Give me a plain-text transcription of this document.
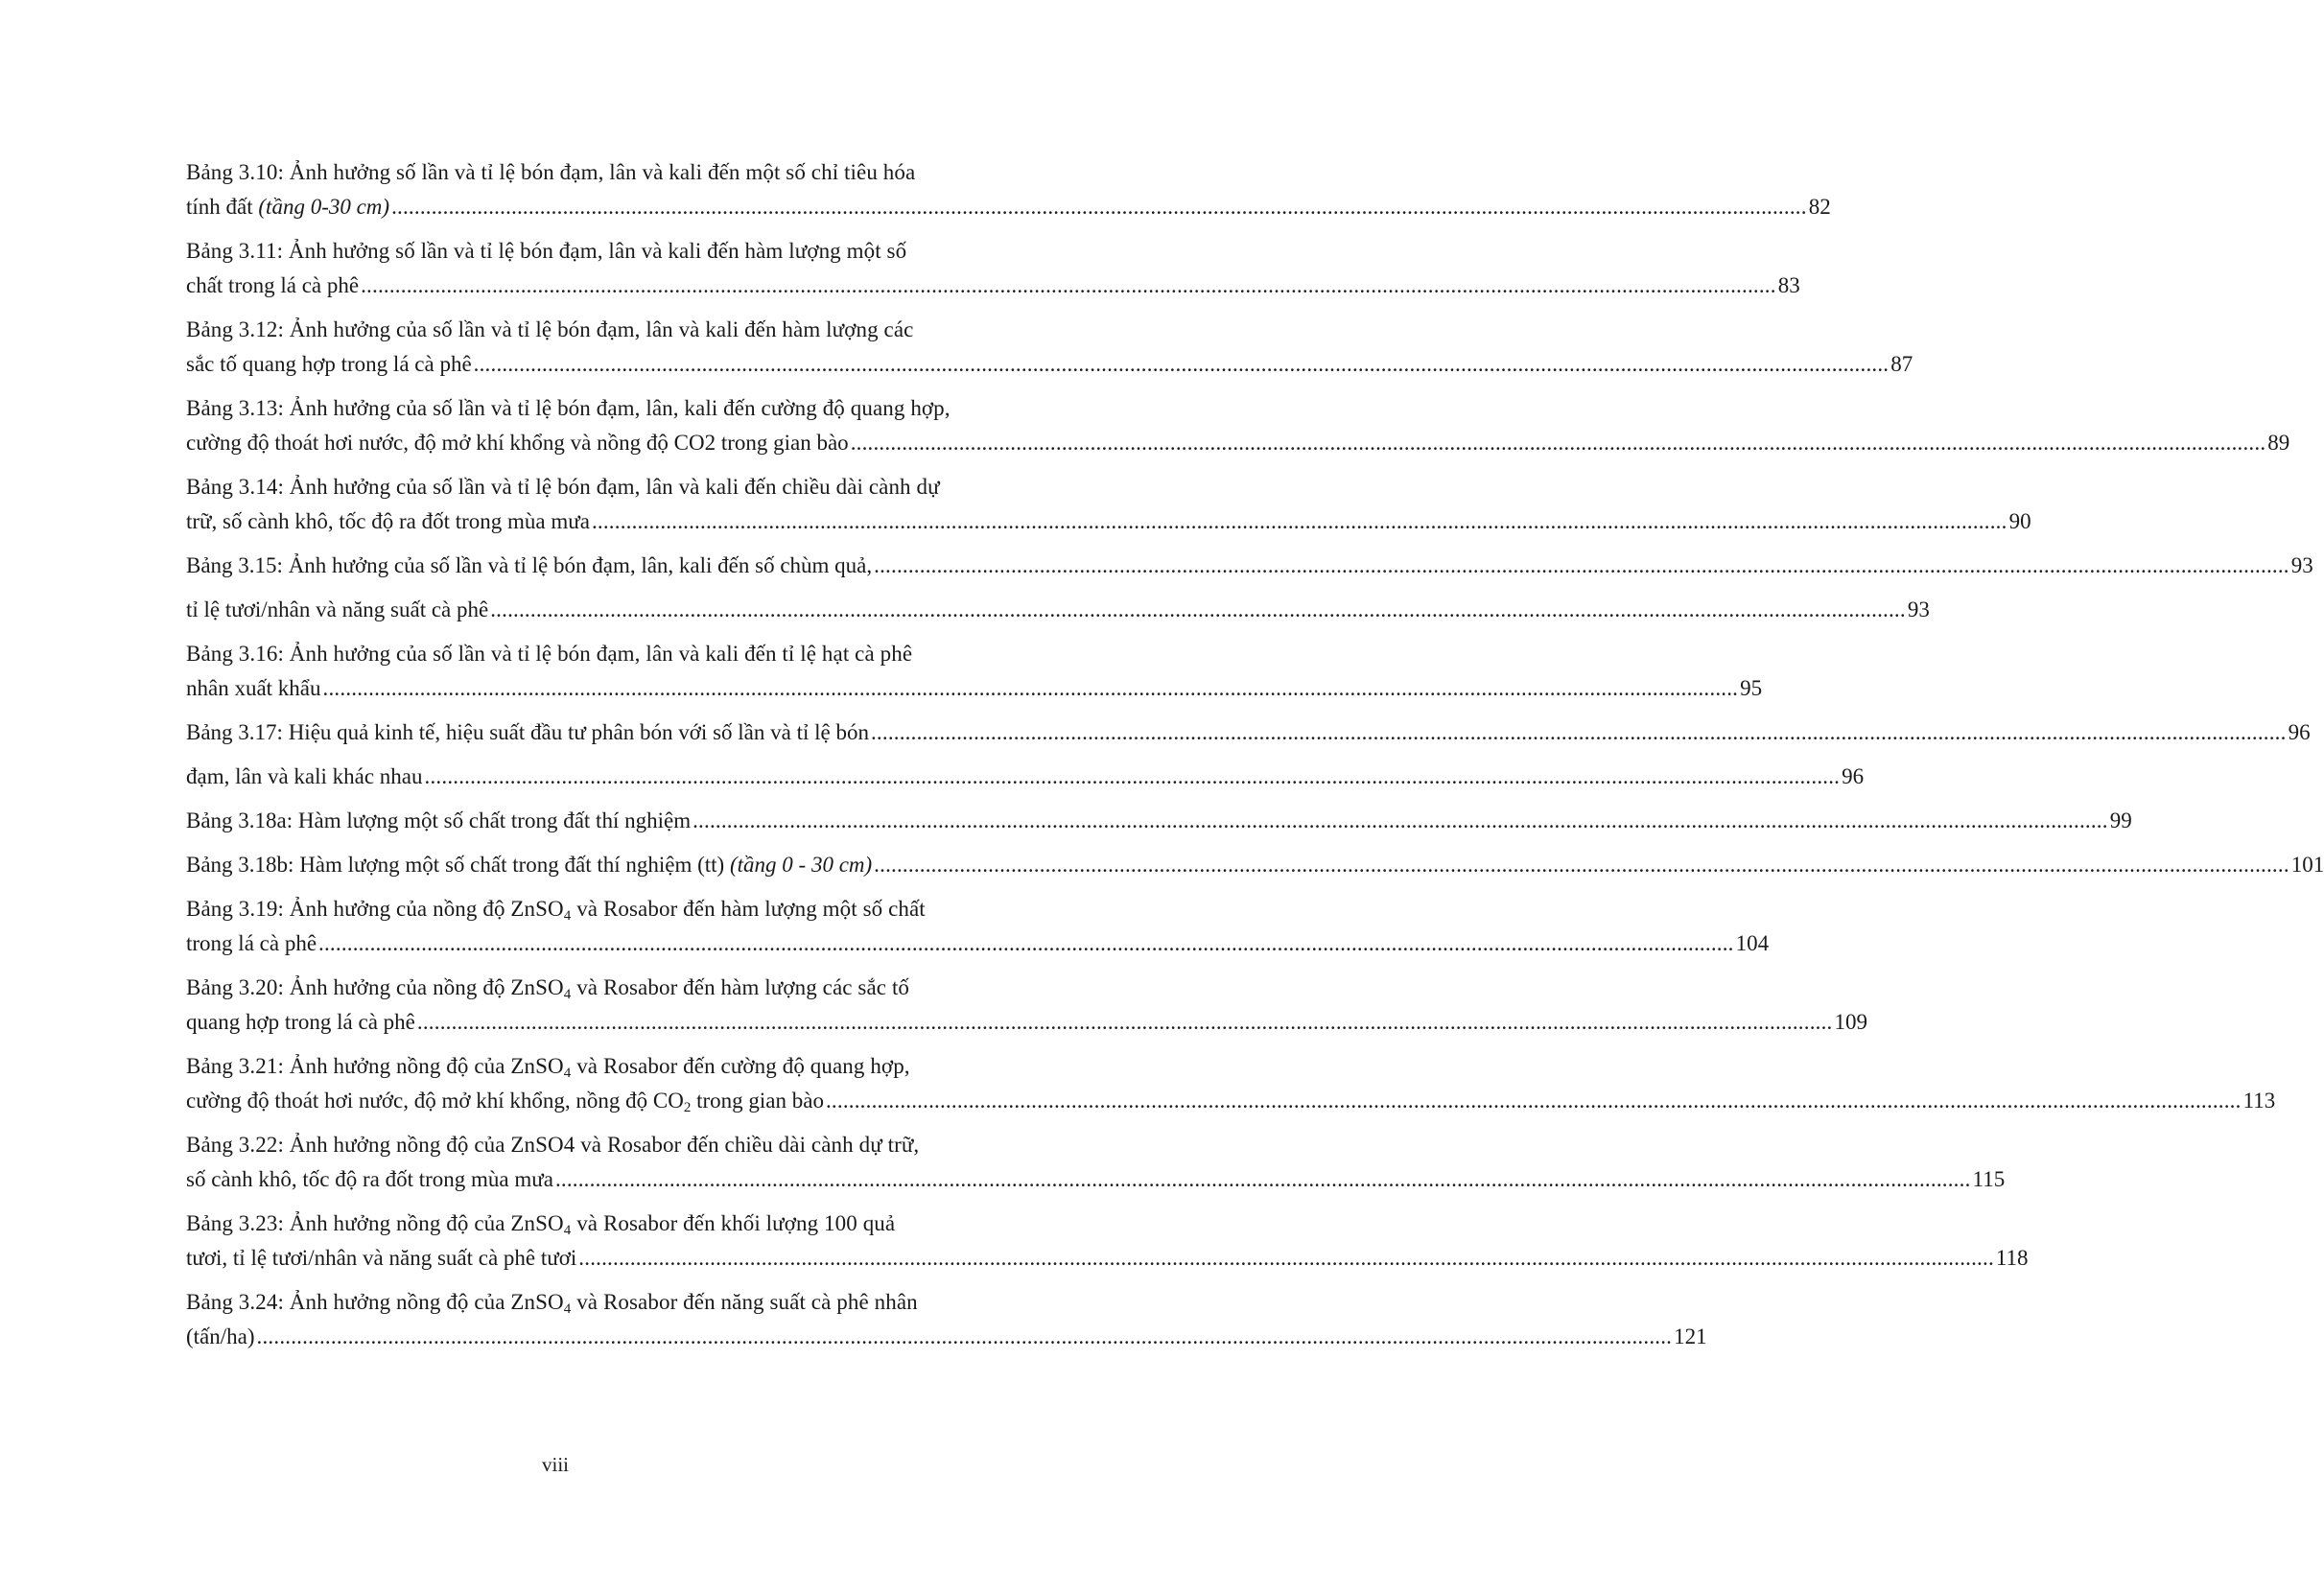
Bảng 3.10: Ảnh hưởng số lần và tỉ lệ bón đạm, lân và kali đến một số chỉ tiêu hóa
tính đất (tầng 0-30 cm) .....	82
Bảng 3.11: Ảnh hưởng số lần và tỉ lệ bón đạm, lân và kali đến hàm lượng một số
chất trong lá cà phê .....	83
Bảng 3.12: Ảnh hưởng của số lần và tỉ lệ bón đạm, lân và kali đến hàm lượng các
sắc tố quang hợp trong lá cà phê .....	87
Bảng 3.13: Ảnh hưởng của số lần và tỉ lệ bón đạm, lân, kali đến cường độ quang hợp,
cường độ thoát hơi nước, độ mở khí khổng và nồng độ CO2 trong gian bào .....	89
Bảng 3.14: Ảnh hưởng của số lần và tỉ lệ bón đạm, lân và kali đến chiều dài cành dự
trữ, số cành khô, tốc độ ra đốt trong mùa mưa .....	90
Bảng 3.15: Ảnh hưởng của số lần và tỉ lệ bón đạm, lân, kali đến số chùm quả, .....	93
tỉ lệ tươi/nhân và năng suất cà phê .....	93
Bảng 3.16: Ảnh hưởng của số lần và tỉ lệ bón đạm, lân và kali đến tỉ lệ hạt cà phê
nhân xuất khẩu .....	95
Bảng 3.17: Hiệu quả kinh tế, hiệu suất đầu tư phân bón với số lần và tỉ lệ bón .....	96
đạm, lân và kali khác nhau .....	96
Bảng 3.18a: Hàm lượng một số chất trong đất thí nghiệm .....	99
Bảng 3.18b: Hàm lượng một số chất trong đất thí nghiệm (tt) (tầng 0 - 30 cm) .....	101
Bảng 3.19: Ảnh hưởng của nồng độ ZnSO$_4$ và Rosabor đến hàm lượng một số chất
trong lá cà phê .....	104
Bảng 3.20: Ảnh hưởng của nồng độ ZnSO$_4$ và Rosabor đến hàm lượng các sắc tố
quang hợp trong lá cà phê .....	109
Bảng 3.21: Ảnh hưởng nồng độ của ZnSO$_4$ và Rosabor đến cường độ quang hợp,
cường độ thoát hơi nước, độ mở khí khổng, nồng độ $CO_2$ trong gian bào .....	113
Bảng 3.22: Ảnh hưởng nồng độ của ZnSO4 và Rosabor đến chiều dài cành dự trữ,
số cành khô, tốc độ ra đốt trong mùa mưa .....	115
Bảng 3.23: Ảnh hưởng nồng độ của ZnSO$_4$ và Rosabor đến khối lượng 100 quả
tươi, tỉ lệ tươi/nhân và năng suất cà phê tươi .....	118
Bảng 3.24: Ảnh hưởng nồng độ của ZnSO$_4$ và Rosabor đến năng suất cà phê nhân
(tấn/ha) .....	121
viii
